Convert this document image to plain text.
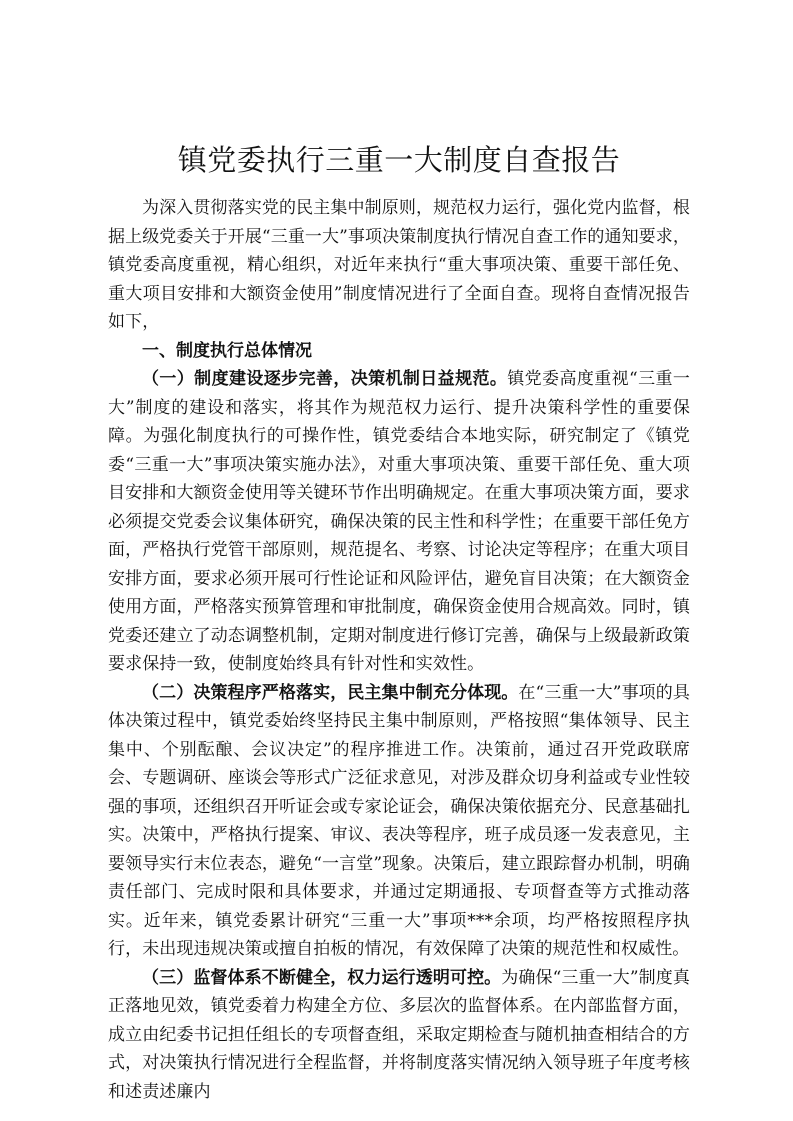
镇党委执行三重一大制度自查报告

为深入贯彻落实党的民主集中制原则，规范权力运行，强化党内监督，根据上级党委关于开展“三重一大”事项决策制度执行情况自查工作的通知要求，镇党委高度重视，精心组织，对近年来执行“重大事项决策、重要干部任免、重大项目安排和大额资金使用”制度情况进行了全面自查。现将自查情况报告如下，

一、制度执行总体情况

（一）制度建设逐步完善，决策机制日益规范。镇党委高度重视“三重一大”制度的建设和落实，将其作为规范权力运行、提升决策科学性的重要保障。为强化制度执行的可操作性，镇党委结合本地实际，研究制定了《镇党委“三重一大”事项决策实施办法》，对重大事项决策、重要干部任免、重大项目安排和大额资金使用等关键环节作出明确规定。在重大事项决策方面，要求必须提交党委会议集体研究，确保决策的民主性和科学性；在重要干部任免方面，严格执行党管干部原则，规范提名、考察、讨论决定等程序；在重大项目安排方面，要求必须开展可行性论证和风险评估，避免盲目决策；在大额资金使用方面，严格落实预算管理和审批制度，确保资金使用合规高效。同时，镇党委还建立了动态调整机制，定期对制度进行修订完善，确保与上级最新政策要求保持一致，使制度始终具有针对性和实效性。

（二）决策程序严格落实，民主集中制充分体现。在“三重一大”事项的具体决策过程中，镇党委始终坚持民主集中制原则，严格按照“集体领导、民主集中、个别酝酿、会议决定”的程序推进工作。决策前，通过召开党政联席会、专题调研、座谈会等形式广泛征求意见，对涉及群众切身利益或专业性较强的事项，还组织召开听证会或专家论证会，确保决策依据充分、民意基础扎实。决策中，严格执行提案、审议、表决等程序，班子成员逐一发表意见，主要领导实行末位表态，避免“一言堂”现象。决策后，建立跟踪督办机制，明确责任部门、完成时限和具体要求，并通过定期通报、专项督查等方式推动落实。近年来，镇党委累计研究“三重一大”事项***余项，均严格按照程序执行，未出现违规决策或擅自拍板的情况，有效保障了决策的规范性和权威性。

（三）监督体系不断健全，权力运行透明可控。为确保“三重一大”制度真正落地见效，镇党委着力构建全方位、多层次的监督体系。在内部监督方面，成立由纪委书记担任组长的专项督查组，采取定期检查与随机抽查相结合的方式，对决策执行情况进行全程监督，并将制度落实情况纳入领导班子年度考核和述责述廉内
